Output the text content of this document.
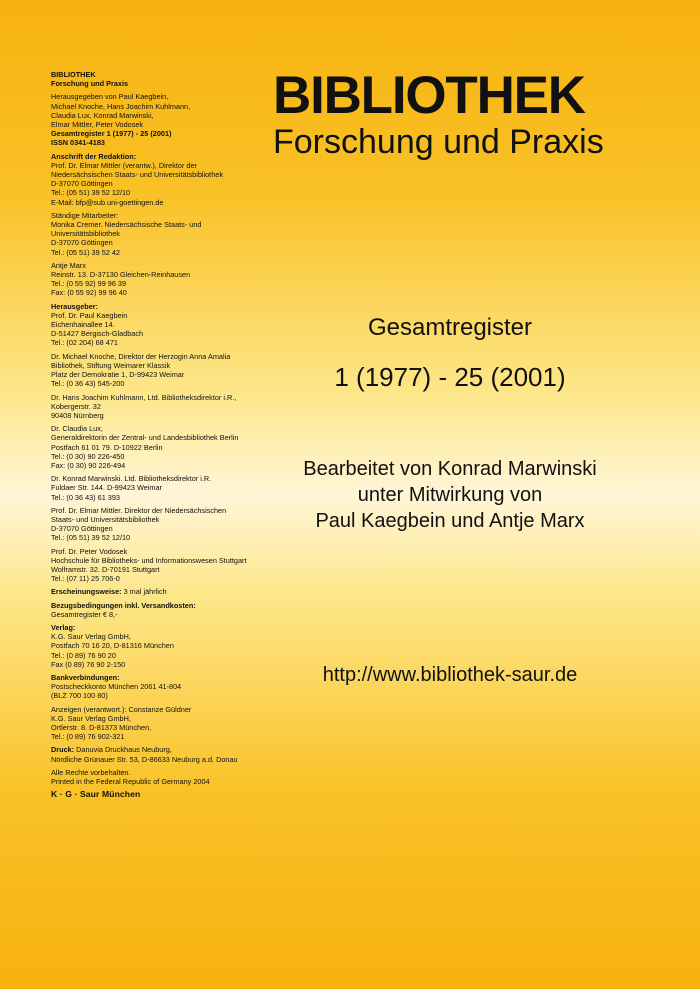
BIBLIOTHEK
Forschung und Praxis
Herausgegeben von Paul Kaegbein,
Michael Knoche, Hans Joachim Kuhlmann,
Claudia Lux, Konrad Marwinski,
Elmar Mittler, Peter Vodosek
Gesamtregister 1 (1977) - 25 (2001)
ISSN 0341-4183
Anschrift der Redaktion:
Prof. Dr. Elmar Mittler (verantw.), Direktor der
Niedersächsischen Staats- und Universitätsbibliothek
D-37070 Göttingen
Tel.: (05 51) 39 52 12/10
E-Mail: bfp@sub.uni-goettingen.de
Ständige Mitarbeiter:
Monika Cremer. Niedersächsische Staats- und
Universitätsbibliothek
D-37070 Göttingen
Tel.: (05 51) 39 52 42
Antje Marx
Reinstr. 13. D-37130 Gleichen-Reinhausen
Tel.: (0 55 92) 99 96 39
Fax: (0 55 92) 99 96 40
Herausgeber:
Prof. Dr. Paul Kaegbein
Eichenhainallee 14.
D-51427 Bergisch-Gladbach
Tel.: (02 204) 68 471
Dr. Michael Knoche, Direktor der Herzogin Anna Amalia
Bibliothek, Stiftung Weimarer Klassik
Platz der Demokratie 1, D-99423 Weimar
Tel.: (0 36 43) 545-200
Dr. Hans Joachim Kuhlmann, Ltd. Bibliotheksdirektor i.R.,
Kobergerstr. 32
90408 Nürnberg
Dr. Claudia Lux,
Generaldirektorin der Zentral- und Landesbibliothek Berlin
Postfach 61 01 79. D-10922 Berlin
Tel.: (0 30) 90 226-450
Fax: (0 30) 90 226-494
Dr. Konrad Marwinski. Ltd. Bibliotheksdirektor i.R.
Fuldaer Str. 144. D-99423 Weimar
Tel.: (0 36 43) 61 393
Prof. Dr. Elmar Mittler. Direktor der Niedersächsischen
Staats- und Universitätsbibliothek
D-37070 Göttingen
Tel.: (05 51) 39 52 12/10
Prof. Dr. Peter Vodosek
Hochschule für Bibliotheks- und Informationswesen Stuttgart
Wolframstr. 32. D-70191 Stuttgart
Tel.: (07 11) 25 706-0
Erscheinungsweise: 3 mal jährlich
Bezugsbedingungen inkl. Versandkosten:
Gesamtregister € 8,-
Verlag:
K.G. Saur Verlag GmbH,
Postfach 70 16 20, D-81316 München
Tel.: (0 89) 76 90 20
Fax (0 89) 76 90 2-150
Bankverbindungen:
Postscheckkonto München 2061 41-804
(BLZ 700 100 80)
Anzeigen (verantwort.): Constanze Güldner
K.G. Saur Verlag GmbH,
Ortlerstr. 8. D-81373 München,
Tel.: (0 89) 76 902-321
Druck: Danuvia Druckhaus Neuburg,
Nördliche Grünauer Str. 53, D-86633 Neuburg a.d. Donau
Alle Rechte vorbehalten.
Printed in the Federal Republic of Germany 2004
K · G · Saur München
BIBLIOTHEK
Forschung und Praxis
Gesamtregister
1 (1977) - 25 (2001)
Bearbeitet von Konrad Marwinski
unter Mitwirkung von
Paul Kaegbein und Antje Marx
http://www.bibliothek-saur.de
